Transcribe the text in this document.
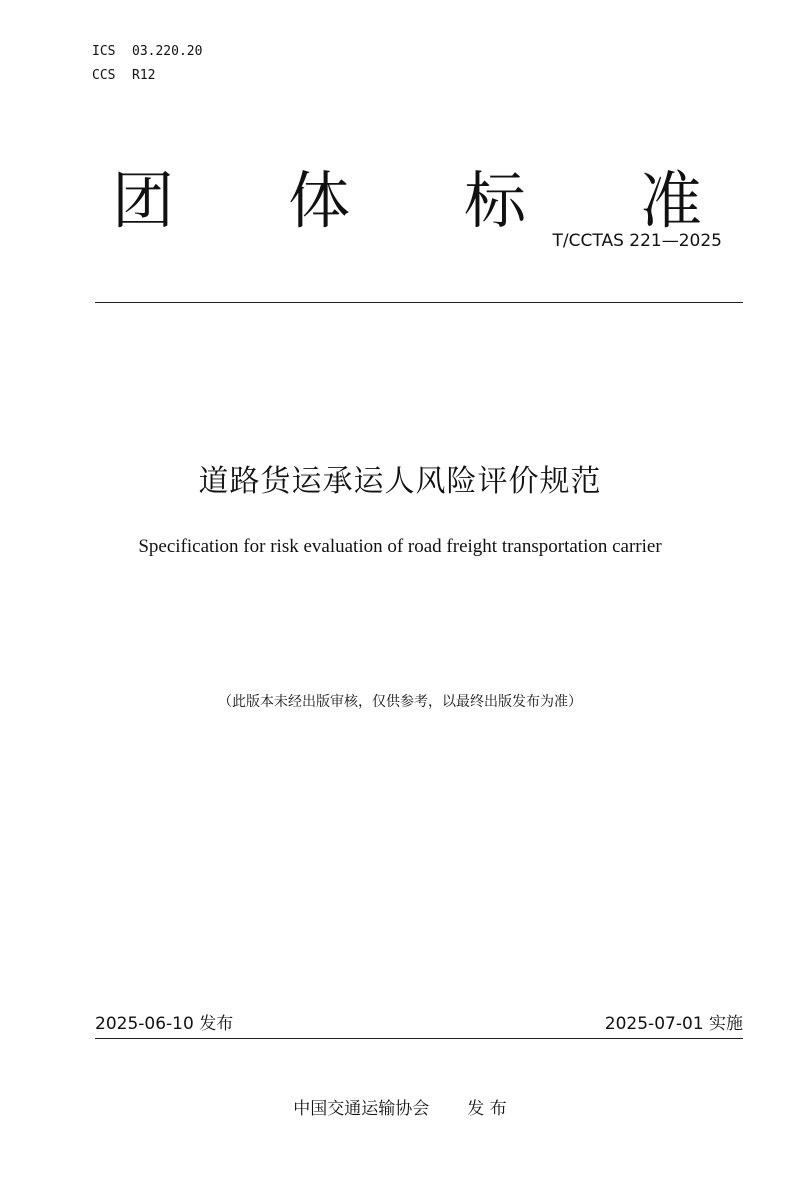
ICS 03.220.20
CCS R12
团 体 标 准
T/CCTAS 221—2025
道路货运承运人风险评价规范
Specification for risk evaluation of road freight transportation carrier
（此版本未经出版审核，仅供参考，以最终出版发布为准）
2025-06-10 发布	2025-07-01 实施
中国交通运输协会 发 布
